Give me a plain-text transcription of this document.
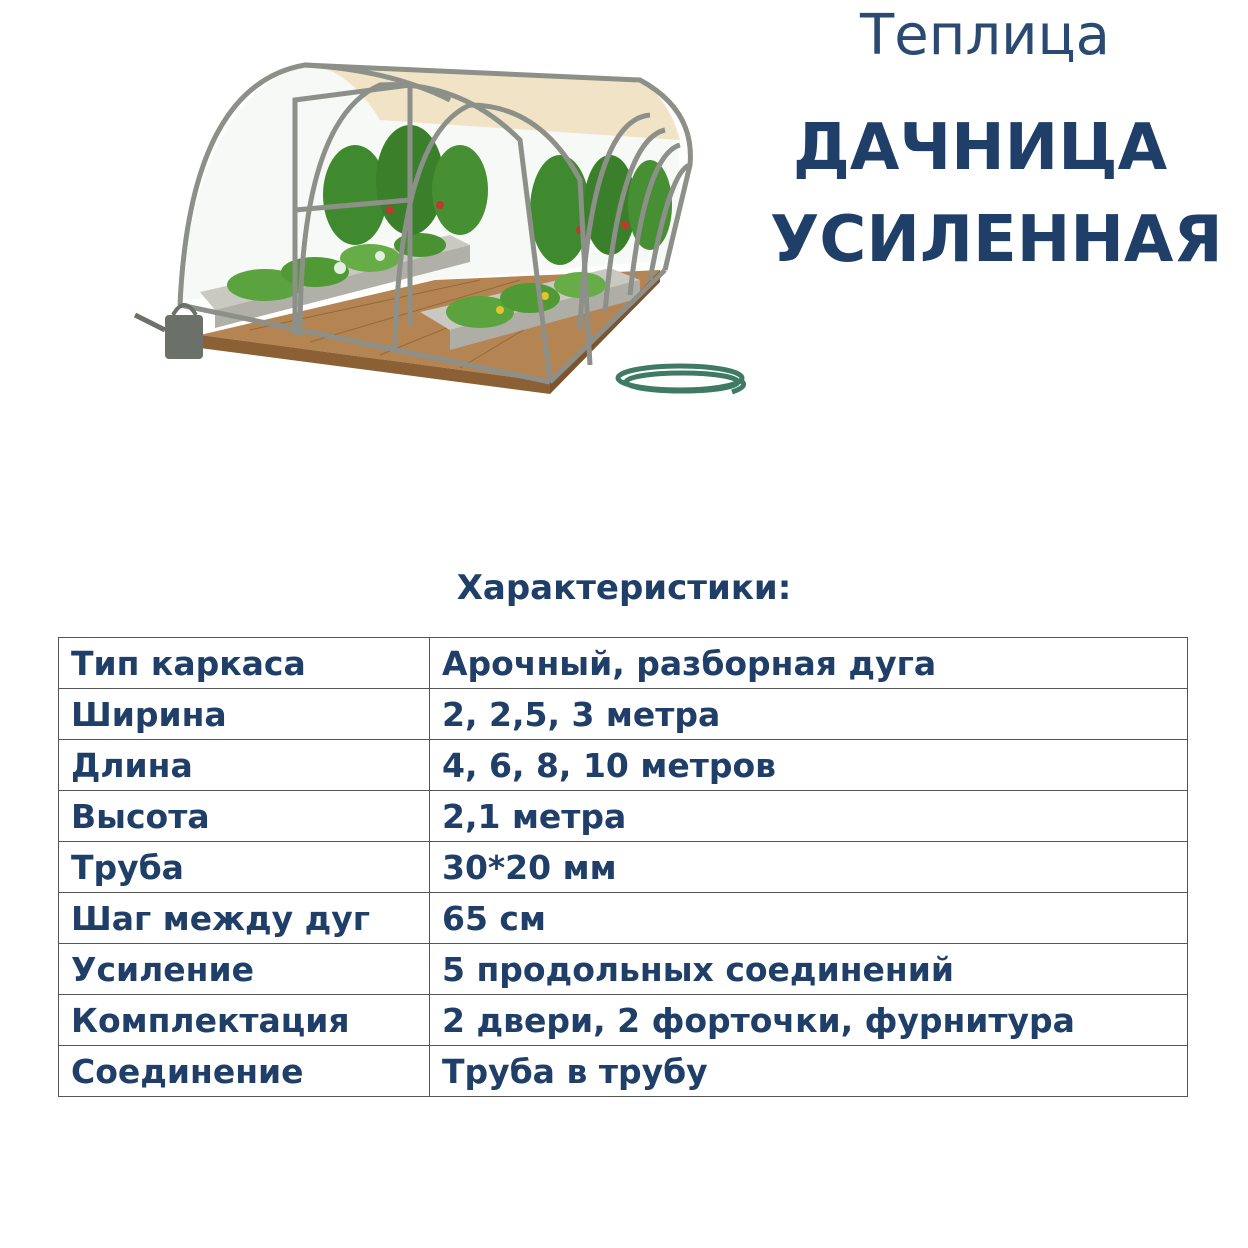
Теплица
ДАЧНИЦА
УСИЛЕННАЯ
Характеристики:
Тип каркаса	Арочный, разборная дуга
Ширина	2, 2,5, 3 метра
Длина	4, 6, 8, 10 метров
Высота	2,1 метра
Труба	30*20 мм
Шаг между дуг	65 см
Усиление	5 продольных соединений
Комплектация	2 двери, 2 форточки, фурнитура
Соединение	Труба в трубу
